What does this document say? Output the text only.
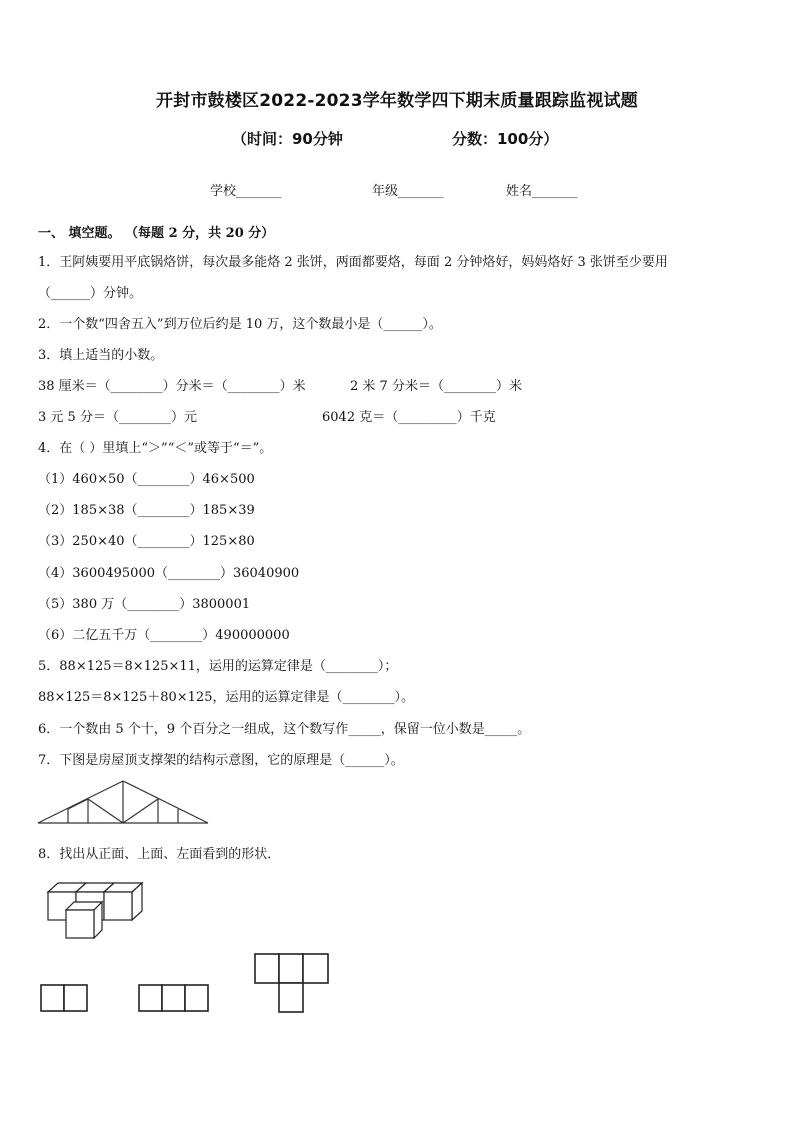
开封市鼓楼区2022-2023学年数学四下期末质量跟踪监视试题
（时间：90分钟	分数：100分）
学校_______	年级_______	姓名_______
一、 填空题。 （每题 2 分，共 20 分）
1．王阿姨要用平底锅烙饼，每次最多能烙 2 张饼，两面都要烙，每面 2 分钟烙好，妈妈烙好 3 张饼至少要用
（______）分钟。
2．一个数“四舍五入”到万位后约是 10 万，这个数最小是（______）。
3．填上适当的小数。
38 厘米＝（________）分米＝（________）米	2 米 7 分米＝（________）米
3 元 5 分＝（________）元	6042 克＝（_________）千克
4．在（ ）里填上“＞”“＜”或等于“＝”。
（1）460×50（________）46×500
（2）185×38（________）185×39
（3）250×40（________）125×80
（4）3600495000（________）36040900
（5）380 万（________）3800001
（6）二亿五千万（________）490000000
5．88×125＝8×125×11，运用的运算定律是（________）；
88×125＝8×125＋80×125，运用的运算定律是（________）。
6．一个数由 5 个十，9 个百分之一组成，这个数写作_____，保留一位小数是_____。
7．下图是房屋顶支撑架的结构示意图，它的原理是（______）。
8．找出从正面、上面、左面看到的形状．
